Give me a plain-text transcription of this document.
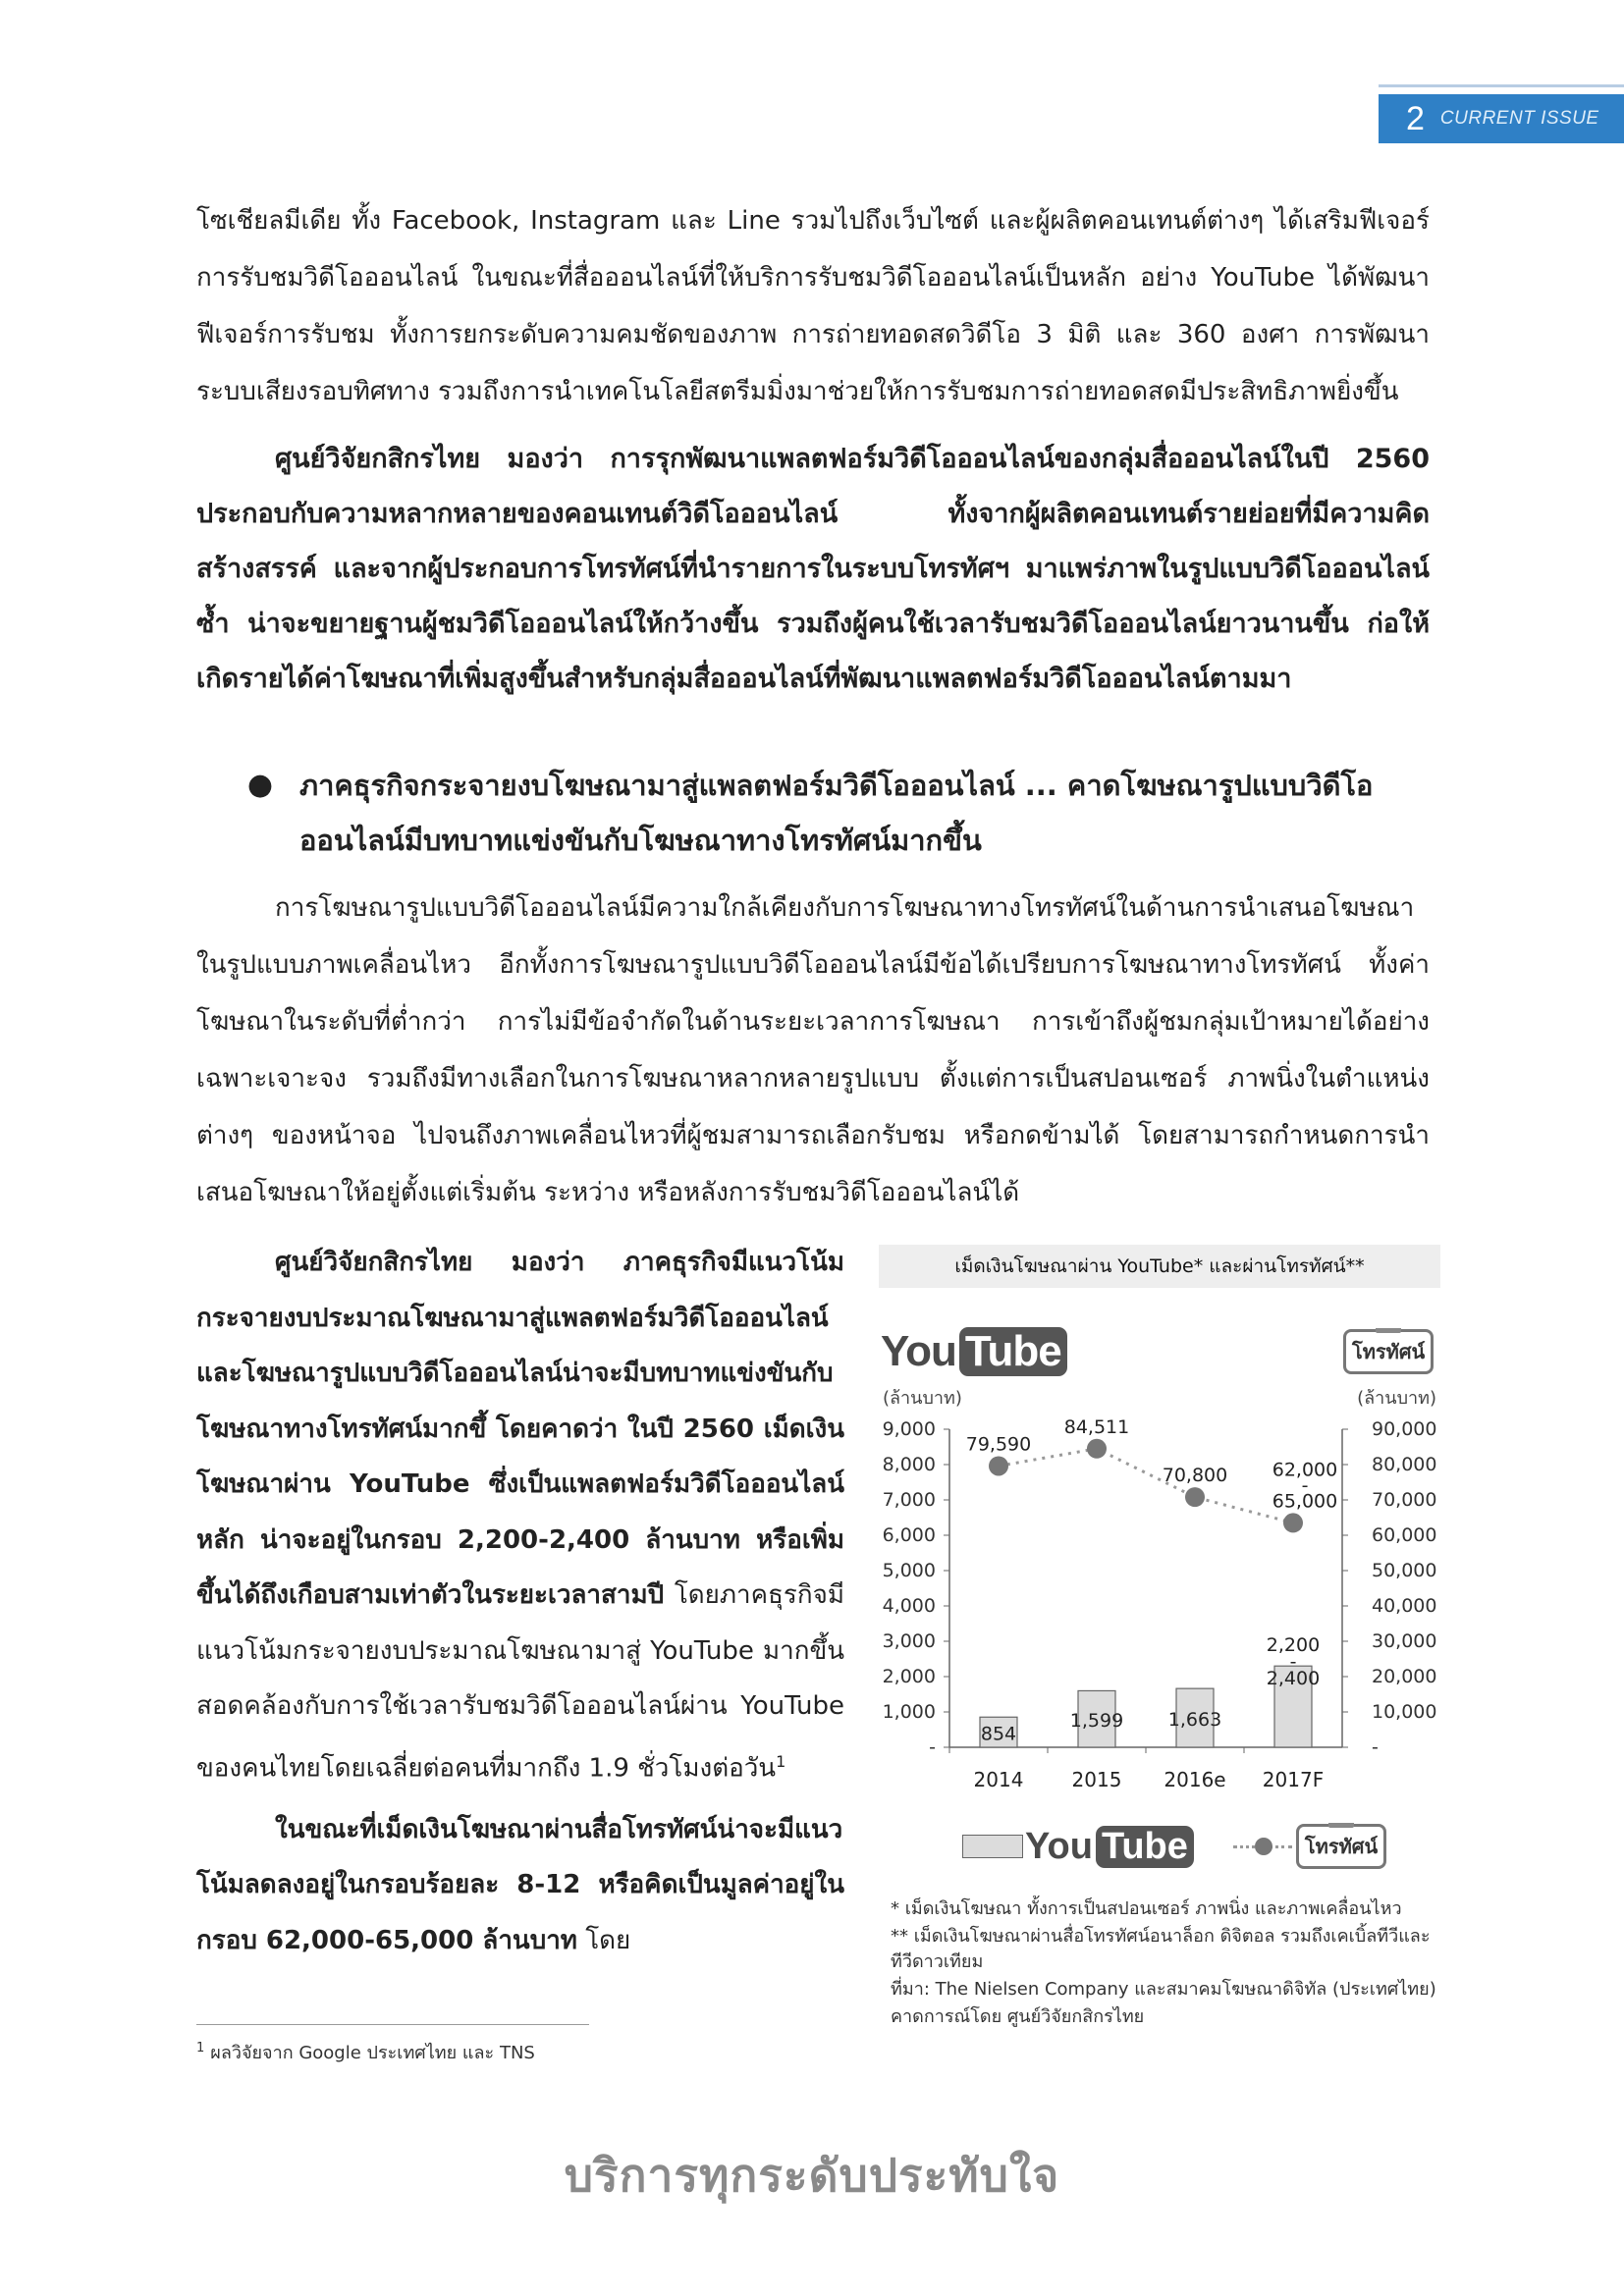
2 CURRENT ISSUE

โซเชียลมีเดีย ทั้ง Facebook, Instagram และ Line รวมไปถึงเว็บไซต์ และผู้ผลิตคอนเทนต์ต่างๆ ได้เสริมฟีเจอร์การรับชมวิดีโอออนไลน์ ในขณะที่สื่อออนไลน์ที่ให้บริการรับชมวิดีโอออนไลน์เป็นหลัก อย่าง YouTube ได้พัฒนาฟีเจอร์การรับชม ทั้งการยกระดับความคมชัดของภาพ การถ่ายทอดสดวิดีโอ 3 มิติ และ 360 องศา การพัฒนาระบบเสียงรอบทิศทาง รวมถึงการนำเทคโนโลยีสตรีมมิ่งมาช่วยให้การรับชมการถ่ายทอดสดมีประสิทธิภาพยิ่งขึ้น

ศูนย์วิจัยกสิกรไทย มองว่า การรุกพัฒนาแพลตฟอร์มวิดีโอออนไลน์ของกลุ่มสื่อออนไลน์ในปี 2560 ประกอบกับความหลากหลายของคอนเทนต์วิดีโอออนไลน์ ทั้งจากผู้ผลิตคอนเทนต์รายย่อยที่มีความคิดสร้างสรรค์ และจากผู้ประกอบการโทรทัศน์ที่นำรายการในระบบโทรทัศฯ มาแพร่ภาพในรูปแบบวิดีโอออนไลน์ซ้ำ น่าจะขยายฐานผู้ชมวิดีโอออนไลน์ให้กว้างขึ้น รวมถึงผู้คนใช้เวลารับชมวิดีโอออนไลน์ยาวนานขึ้น ก่อให้เกิดรายได้ค่าโฆษณาที่เพิ่มสูงขึ้นสำหรับกลุ่มสื่อออนไลน์ที่พัฒนาแพลตฟอร์มวิดีโอออนไลน์ตามมา

● ภาคธุรกิจกระจายงบโฆษณามาสู่แพลตฟอร์มวิดีโอออนไลน์ ... คาดโฆษณารูปแบบวิดีโอออนไลน์มีบทบาทแข่งขันกับโฆษณาทางโทรทัศน์มากขึ้น

การโฆษณารูปแบบวิดีโอออนไลน์มีความใกล้เคียงกับการโฆษณาทางโทรทัศน์ในด้านการนำเสนอโฆษณาในรูปแบบภาพเคลื่อนไหว อีกทั้งการโฆษณารูปแบบวิดีโอออนไลน์มีข้อได้เปรียบการโฆษณาทางโทรทัศน์ ทั้งค่าโฆษณาในระดับที่ต่ำกว่า การไม่มีข้อจำกัดในด้านระยะเวลาการโฆษณา การเข้าถึงผู้ชมกลุ่มเป้าหมายได้อย่างเฉพาะเจาะจง รวมถึงมีทางเลือกในการโฆษณาหลากหลายรูปแบบ ตั้งแต่การเป็นสปอนเซอร์ ภาพนิ่งในตำแหน่งต่างๆ ของหน้าจอ ไปจนถึงภาพเคลื่อนไหวที่ผู้ชมสามารถเลือกรับชม หรือกดข้ามได้ โดยสามารถกำหนดการนำเสนอโฆษณาให้อยู่ตั้งแต่เริ่มต้น ระหว่าง หรือหลังการรับชมวิดีโอออนไลน์ได้

ศูนย์วิจัยกสิกรไทย มองว่า ภาคธุรกิจมีแนวโน้มกระจายงบประมาณโฆษณามาสู่แพลตฟอร์มวิดีโอออนไลน์ และโฆษณารูปแบบวิดีโอออนไลน์น่าจะมีบทบาทแข่งขันกับโฆษณาทางโทรทัศน์มากขึ้ โดยคาดว่า ในปี 2560 เม็ดเงินโฆษณาผ่าน YouTube ซึ่งเป็นแพลตฟอร์มวิดีโอออนไลน์หลัก น่าจะอยู่ในกรอบ 2,200-2,400 ล้านบาท หรือเพิ่มขึ้นได้ถึงเกือบสามเท่าตัวในระยะเวลาสามปี โดยภาคธุรกิจมีแนวโน้มกระจายงบประมาณโฆษณามาสู่ YouTube มากขึ้น สอดคล้องกับการใช้เวลารับชมวิดีโอออนไลน์ผ่าน YouTube ของคนไทยโดยเฉลี่ยต่อคนที่มากถึง 1.9 ชั่วโมงต่อวัน$^1$

ในขณะที่เม็ดเงินโฆษณาผ่านสื่อโทรทัศน์น่าจะมีแนวโน้มลดลงอยู่ในกรอบร้อยละ 8-12 หรือคิดเป็นมูลค่าอยู่ในกรอบ 62,000-65,000 ล้านบาท โดย

เม็ดเงินโฆษณาผ่าน YouTube* และผ่านโทรทัศน์**
You Tube	โทรทัศน์
(ล้านบาท)	(ล้านบาท)
-	-
1,000	10,000
2,000	20,000
3,000	30,000
4,000	40,000
5,000	50,000
6,000	60,000
7,000	70,000
8,000	80,000
9,000	90,000
2014 2015 2016e 2017F
854
1,599 1,663
2,200 -2,400
79,590
84,511
70,800 62,000 -65,000
You Tube	โทรทัศน์
* เม็ดเงินโฆษณา ทั้งการเป็นสปอนเซอร์ ภาพนิ่ง และภาพเคลื่อนไหว
** เม็ดเงินโฆษณาผ่านสื่อโทรทัศน์อนาล็อก ดิจิตอล รวมถึงเคเบิ้ลทีวีและทีวีดาวเทียม
ที่มา: The Nielsen Company และสมาคมโฆษณาดิจิทัล (ประเทศไทย)
คาดการณ์โดย ศูนย์วิจัยกสิกรไทย
$^1$ ผลวิจัยจาก Google ประเทศไทย และ TNS
บริการทุกระดับประทับใจ
